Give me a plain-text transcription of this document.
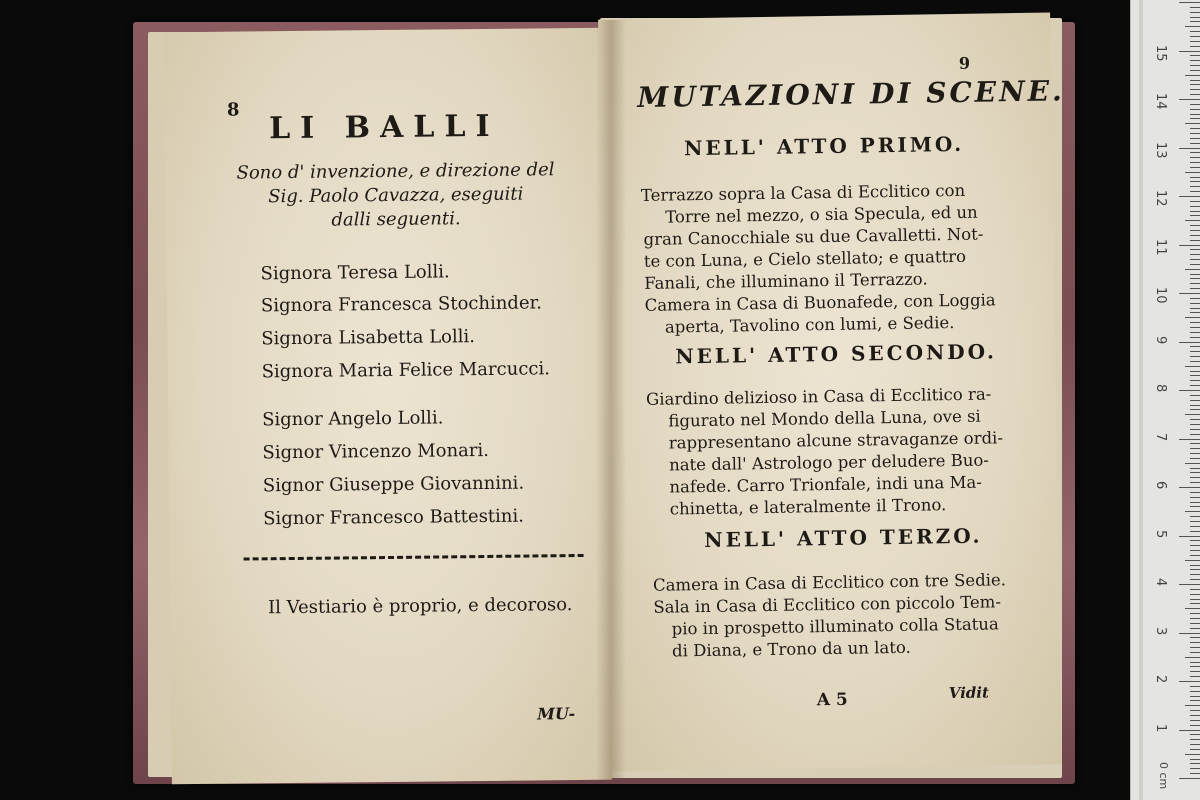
8 LI BALLI
Sono d' invenzione, e direzione del
Sig. Paolo Cavazza, eseguiti
dalli seguenti.
Signora Teresa Lolli.
Signora Francesca Stochinder.
Signora Lisabetta Lolli.
Signora Maria Felice Marcucci.
Signor Angelo Lolli.
Signor Vincenzo Monari.
Signor Giuseppe Giovannini.
Signor Francesco Battestini.
Il Vestiario è proprio, e decoroso.
MU-
9
MUTAZIONI DI SCENE.
NELL' ATTO PRIMO.
Terrazzo sopra la Casa di Ecclitico con
Torre nel mezzo, o sia Specula, ed un
gran Canocchiale su due Cavalletti. Not-
te con Luna, e Cielo stellato; e quattro
Fanali, che illuminano il Terrazzo.
Camera in Casa di Buonafede, con Loggia
aperta, Tavolino con lumi, e Sedie.
NELL' ATTO SECONDO.
Giardino delizioso in Casa di Ecclitico ra-
figurato nel Mondo della Luna, ove si
rappresentano alcune stravaganze ordi-
nate dall' Astrologo per deludere Buo-
nafede. Carro Trionfale, indi una Ma-
chinetta, e lateralmente il Trono.
NELL' ATTO TERZO.
Camera in Casa di Ecclitico con tre Sedie.
Sala in Casa di Ecclitico con piccolo Tem-
pio in prospetto illuminato colla Statua
di Diana, e Trono da un lato.
A 5	Vidit
15
14
13
12
11
10
9
8
7
6
5
4
3
2
1
0 cm
